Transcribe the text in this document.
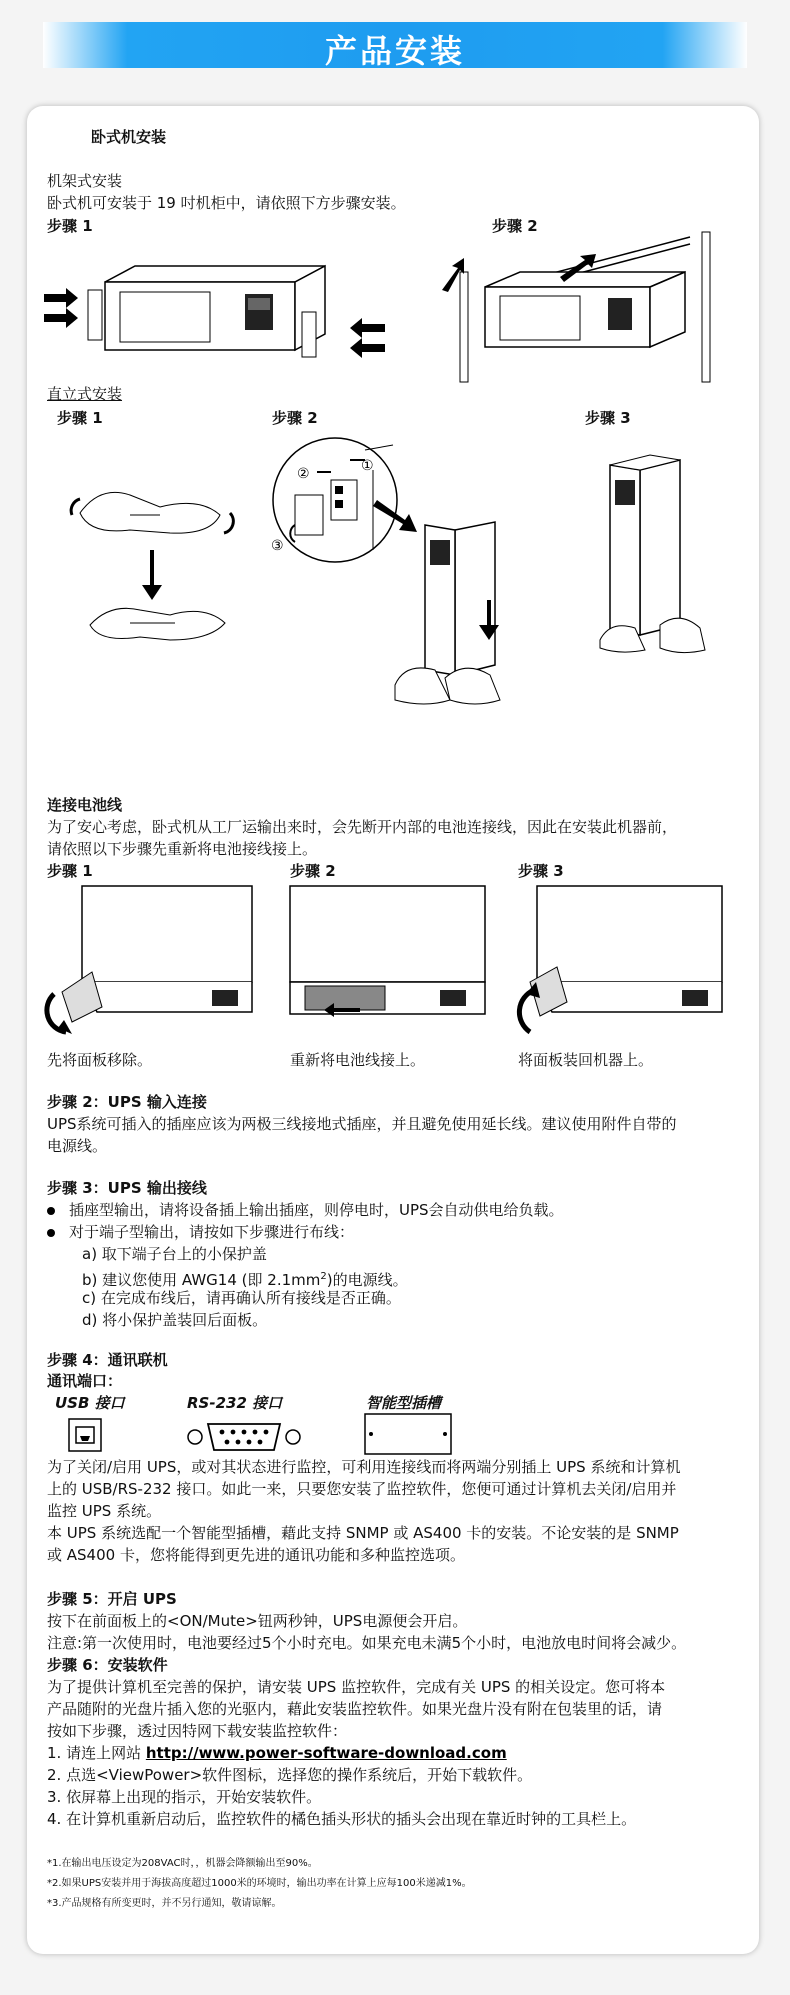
产品安装
卧式机安装
机架式安装
卧式机可安装于 19 吋机柜中，请依照下方步骤安装。
步骤 1	步骤 2
直立式安装
步骤 1	步骤 2	步骤 3
①
②
③
连接电池线
为了安心考虑，卧式机从工厂运输出来时，会先断开内部的电池连接线，因此在安装此机器前，
请依照以下步骤先重新将电池接线接上。
步骤 1	步骤 2	步骤 3
先将面板移除。	重新将电池线接上。	将面板装回机器上。
步骤 2：UPS 输入连接
UPS系统可插入的插座应该为两极三线接地式插座，并且避免使用延长线。建议使用附件自带的
电源线。
步骤 3：UPS 输出接线
插座型输出，请将设备插上输出插座，则停电时，UPS会自动供电给负载。
对于端子型输出，请按如下步骤进行布线：
a) 取下端子台上的小保护盖
b) 建议您使用 AWG14 (即 $2.1mm^2$)的电源线。
c) 在完成布线后，请再确认所有接线是否正确。
d) 将小保护盖装回后面板。
步骤 4：通讯联机
通讯端口：
USB 接口	RS-232 接口	智能型插槽
为了关闭/启用 UPS，或对其状态进行监控，可利用连接线而将两端分别插上 UPS 系统和计算机
上的 USB/RS-232 接口。如此一来，只要您安装了监控软件，您便可通过计算机去关闭/启用并
监控 UPS 系统。
本 UPS 系统选配一个智能型插槽，藉此支持 SNMP 或 AS400 卡的安装。不论安装的是 SNMP
或 AS400 卡，您将能得到更先进的通讯功能和多种监控选项。
步骤 5：开启 UPS
按下在前面板上的<ON/Mute>钮两秒钟，UPS电源便会开启。
注意:第一次使用时，电池要经过5个小时充电。如果充电未满5个小时，电池放电时间将会减少。
步骤 6：安装软件
为了提供计算机至完善的保护，请安装 UPS 监控软件，完成有关 UPS 的相关设定。您可将本
产品随附的光盘片插入您的光驱内，藉此安装监控软件。如果光盘片没有附在包装里的话，请
按如下步骤，透过因特网下载安装监控软件：
1. 请连上网站 http://www.power-software-download.com
2. 点选<ViewPower>软件图标，选择您的操作系统后，开始下载软件。
3. 依屏幕上出现的指示，开始安装软件。
4. 在计算机重新启动后，监控软件的橘色插头形状的插头会出现在靠近时钟的工具栏上。
*1.在输出电压设定为208VAC时，，机器会降额输出至90%。
*2.如果UPS安装并用于海拔高度超过1000米的环境时，输出功率在计算上应每100米递减1%。
*3.产品规格有所变更时，并不另行通知，敬请谅解。
